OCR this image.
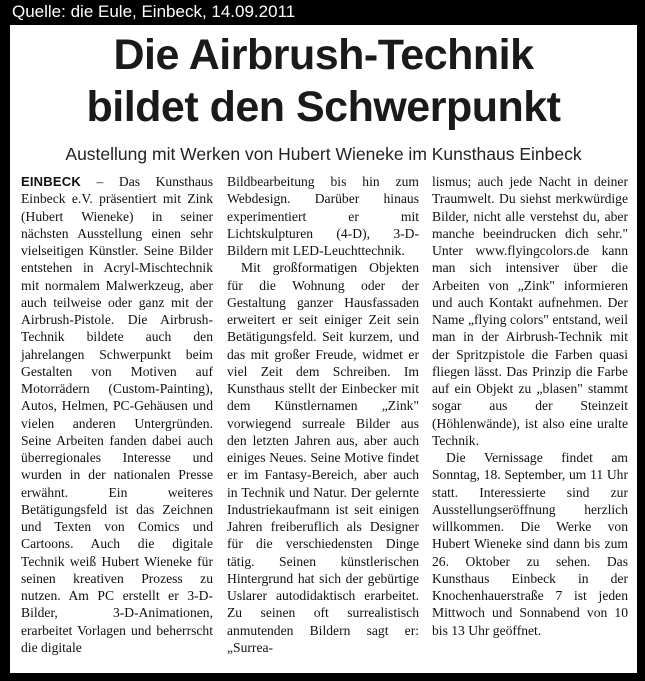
Quelle: die Eule, Einbeck, 14.09.2011
Die Airbrush-Technik
bildet den Schwerpunkt
Austellung mit Werken von Hubert Wieneke im Kunsthaus Einbeck

EINBECK – Das Kunsthaus Einbeck e.V. präsentiert mit Zink (Hubert Wieneke) in seiner nächsten Ausstellung einen sehr vielseitigen Künstler. Seine Bilder entstehen in Acryl-Mischtechnik mit normalem Malwerkzeug, aber auch teilweise oder ganz mit der Airbrush-Pistole. Die Airbrush-Technik bildete auch den jahrelangen Schwerpunkt beim Gestalten von Motiven auf Motorrädern (Custom-Painting), Autos, Helmen, PC-Gehäusen und vielen anderen Untergründen. Seine Arbeiten fanden dabei auch überregionales Interesse und wurden in der nationalen Presse erwähnt. Ein weiteres Betätigungsfeld ist das Zeichnen und Texten von Comics und Cartoons. Auch die digitale Technik weiß Hubert Wieneke für seinen kreativen Prozess zu nutzen. Am PC erstellt er 3-D-Bilder, 3-D-Animationen, erarbeitet Vorlagen und beherrscht die digitale

Bildbearbeitung bis hin zum Webdesign. Darüber hinaus experimentiert er mit Lichtskulpturen (4-D), 3-D-Bildern mit LED-Leuchttechnik.

Mit großformatigen Objekten für die Wohnung oder der Gestaltung ganzer Hausfassaden erweitert er seit einiger Zeit sein Betätigungsfeld. Seit kurzem, und das mit großer Freude, widmet er viel Zeit dem Schreiben. Im Kunsthaus stellt der Einbecker mit dem Künstlernamen „Zink" vorwiegend surreale Bilder aus den letzten Jahren aus, aber auch einiges Neues. Seine Motive findet er im Fantasy-Bereich, aber auch in Technik und Natur. Der gelernte Industriekaufmann ist seit einigen Jahren freiberuflich als Designer für die verschiedensten Dinge tätig. Seinen künstlerischen Hintergrund hat sich der gebürtige Uslarer autodidaktisch erarbeitet. Zu seinen oft surrealistisch anmutenden Bildern sagt er: „Surrea-

lismus; auch jede Nacht in deiner Traumwelt. Du siehst merkwürdige Bilder, nicht alle verstehst du, aber manche beeindrucken dich sehr." Unter www.flyingcolors.de kann man sich intensiver über die Arbeiten von „Zink" informieren und auch Kontakt aufnehmen. Der Name „flying colors" entstand, weil man in der Airbrush-Technik mit der Spritzpistole die Farben quasi fliegen lässt. Das Prinzip die Farbe auf ein Objekt zu „blasen" stammt sogar aus der Steinzeit (Höhlenwände), ist also eine uralte Technik.

Die Vernissage findet am Sonntag, 18. September, um 11 Uhr statt. Interessierte sind zur Ausstellungseröffnung herzlich willkommen. Die Werke von Hubert Wieneke sind dann bis zum 26. Oktober zu sehen. Das Kunsthaus Einbeck in der Knochenhauerstraße 7 ist jeden Mittwoch und Sonnabend von 10 bis 13 Uhr geöffnet.
